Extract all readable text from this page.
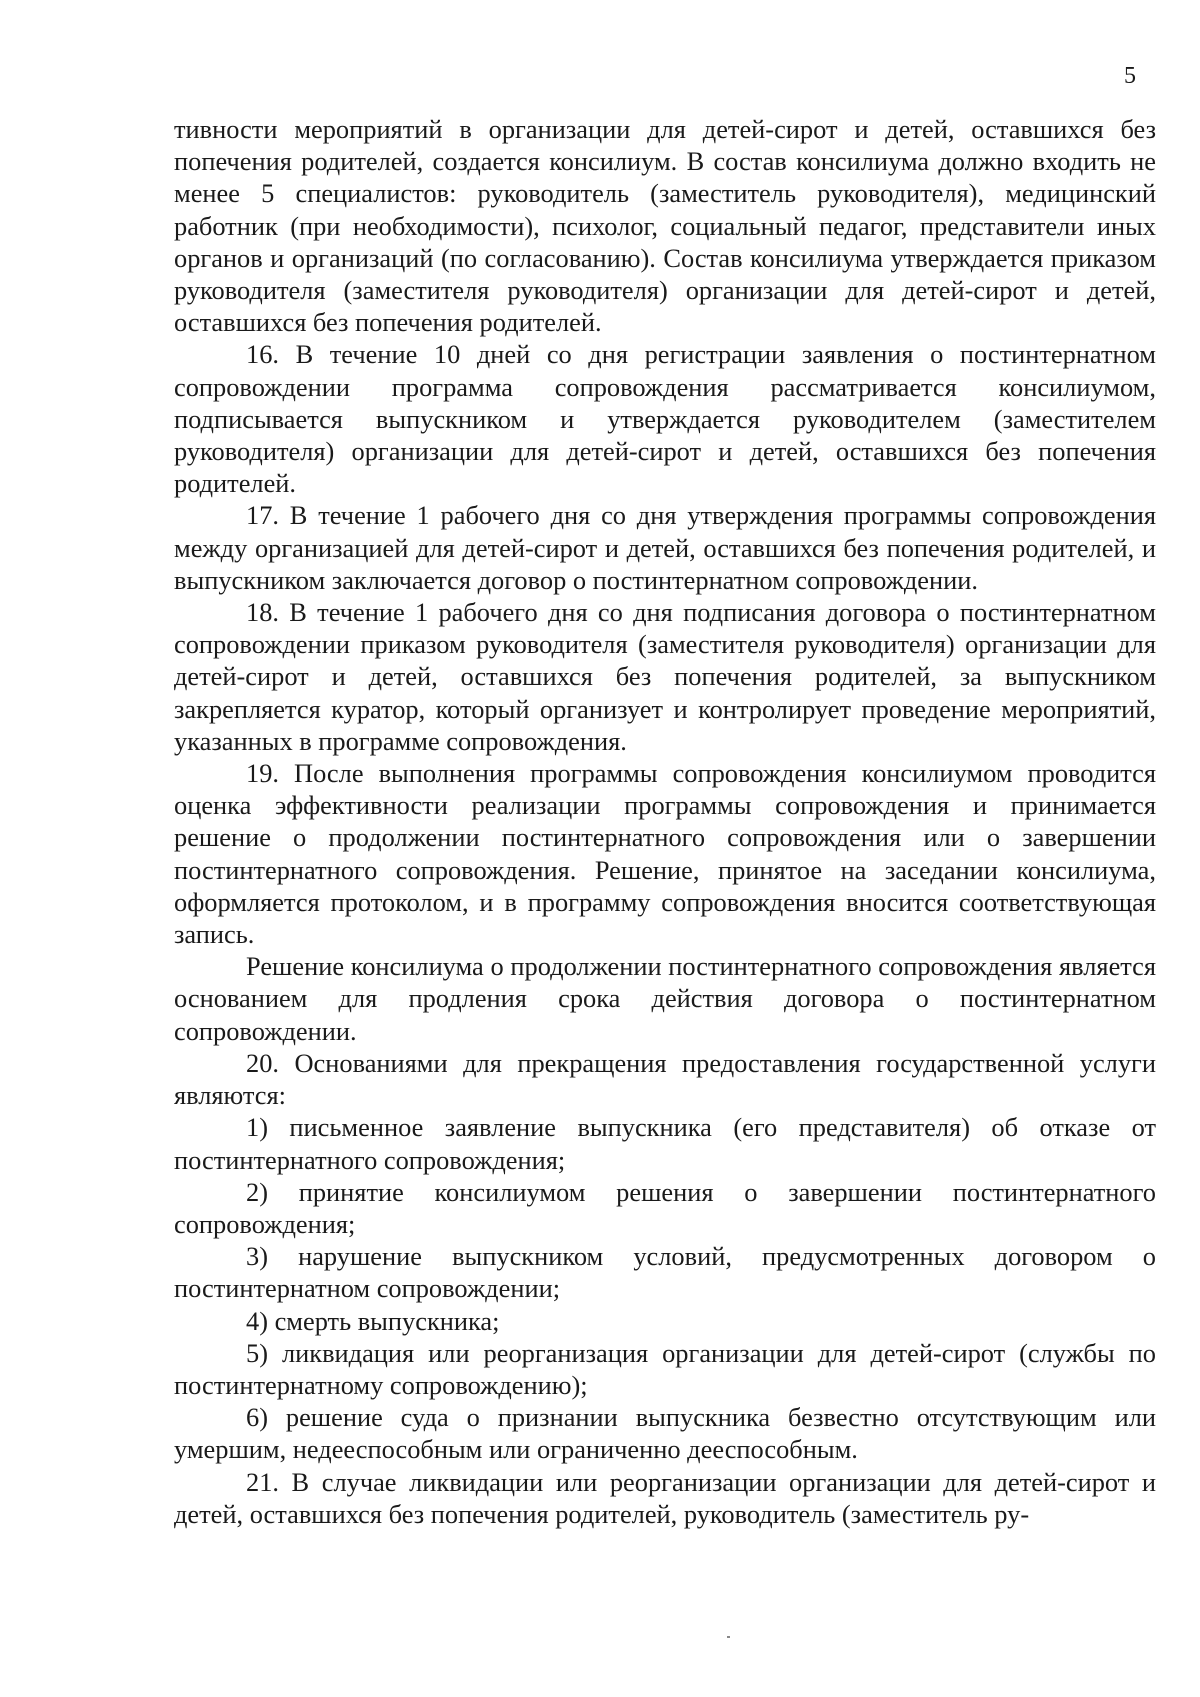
5

тивности мероприятий в организации для детей-сирот и детей, оставшихся без попечения родителей, создается консилиум. В состав консилиума должно входить не менее 5 специалистов: руководитель (заместитель руководителя), медицинский работник (при необходимости), психолог, социальный педагог, представители иных органов и организаций (по согласованию). Состав консилиума утверждается приказом руководителя (заместителя руководителя) организации для детей-сирот и детей, оставшихся без попечения родителей.

16. В течение 10 дней со дня регистрации заявления о постинтернатном сопровождении программа сопровождения рассматривается консилиумом, подписывается выпускником и утверждается руководителем (заместителем руководителя) организации для детей-сирот и детей, оставшихся без попечения родителей.

17. В течение 1 рабочего дня со дня утверждения программы сопровождения между организацией для детей-сирот и детей, оставшихся без попечения родителей, и выпускником заключается договор о постинтернатном сопровождении.

18. В течение 1 рабочего дня со дня подписания договора о постинтернатном сопровождении приказом руководителя (заместителя руководителя) организации для детей-сирот и детей, оставшихся без попечения родителей, за выпускником закрепляется куратор, который организует и контролирует проведение мероприятий, указанных в программе сопровождения.

19. После выполнения программы сопровождения консилиумом проводится оценка эффективности реализации программы сопровождения и принимается решение о продолжении постинтернатного сопровождения или о завершении постинтернатного сопровождения. Решение, принятое на заседании консилиума, оформляется протоколом, и в программу сопровождения вносится соответствующая запись.

Решение консилиума о продолжении постинтернатного сопровождения является основанием для продления срока действия договора о постинтернатном сопровождении.

20. Основаниями для прекращения предоставления государственной услуги являются:

1) письменное заявление выпускника (его представителя) об отказе от постинтернатного сопровождения;

2) принятие консилиумом решения о завершении постинтернатного сопровождения;

3) нарушение выпускником условий, предусмотренных договором о постинтернатном сопровождении;

4) смерть выпускника;

5) ликвидация или реорганизация организации для детей-сирот (службы по постинтернатному сопровождению);

6) решение суда о признании выпускника безвестно отсутствующим или умершим, недееспособным или ограниченно дееспособным.

21. В случае ликвидации или реорганизации организации для детей-сирот и детей, оставшихся без попечения родителей, руководитель (заместитель ру-
